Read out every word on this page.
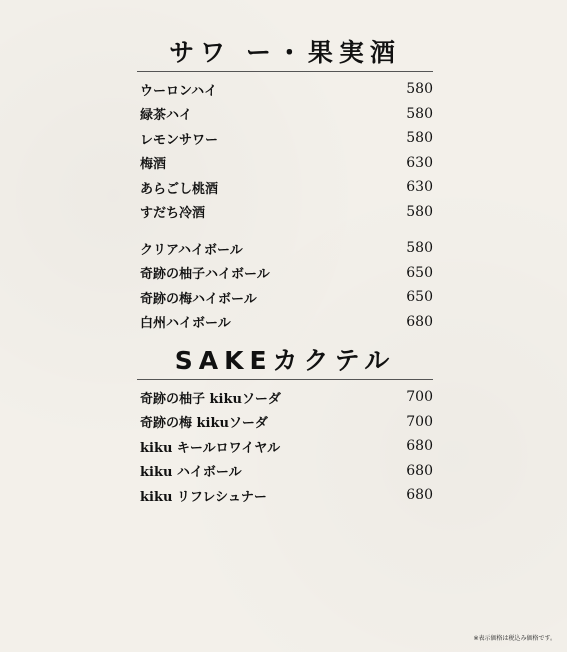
サワ ー・果実酒
ウーロンハイ	580
緑茶ハイ	580
レモンサワー	580
梅酒	630
あらごし桃酒	630
すだち冷酒	580
クリアハイボール	580
奇跡の柚子ハイボール	650
奇跡の梅ハイボール	650
白州ハイボール	680
SAKEカクテル
奇跡の柚子 kikuソーダ	700
奇跡の梅 kikuソーダ	700
kiku キールロワイヤル	680
kiku ハイボール	680
kiku リフレシュナー	680
※表示価格は税込み価格です。
